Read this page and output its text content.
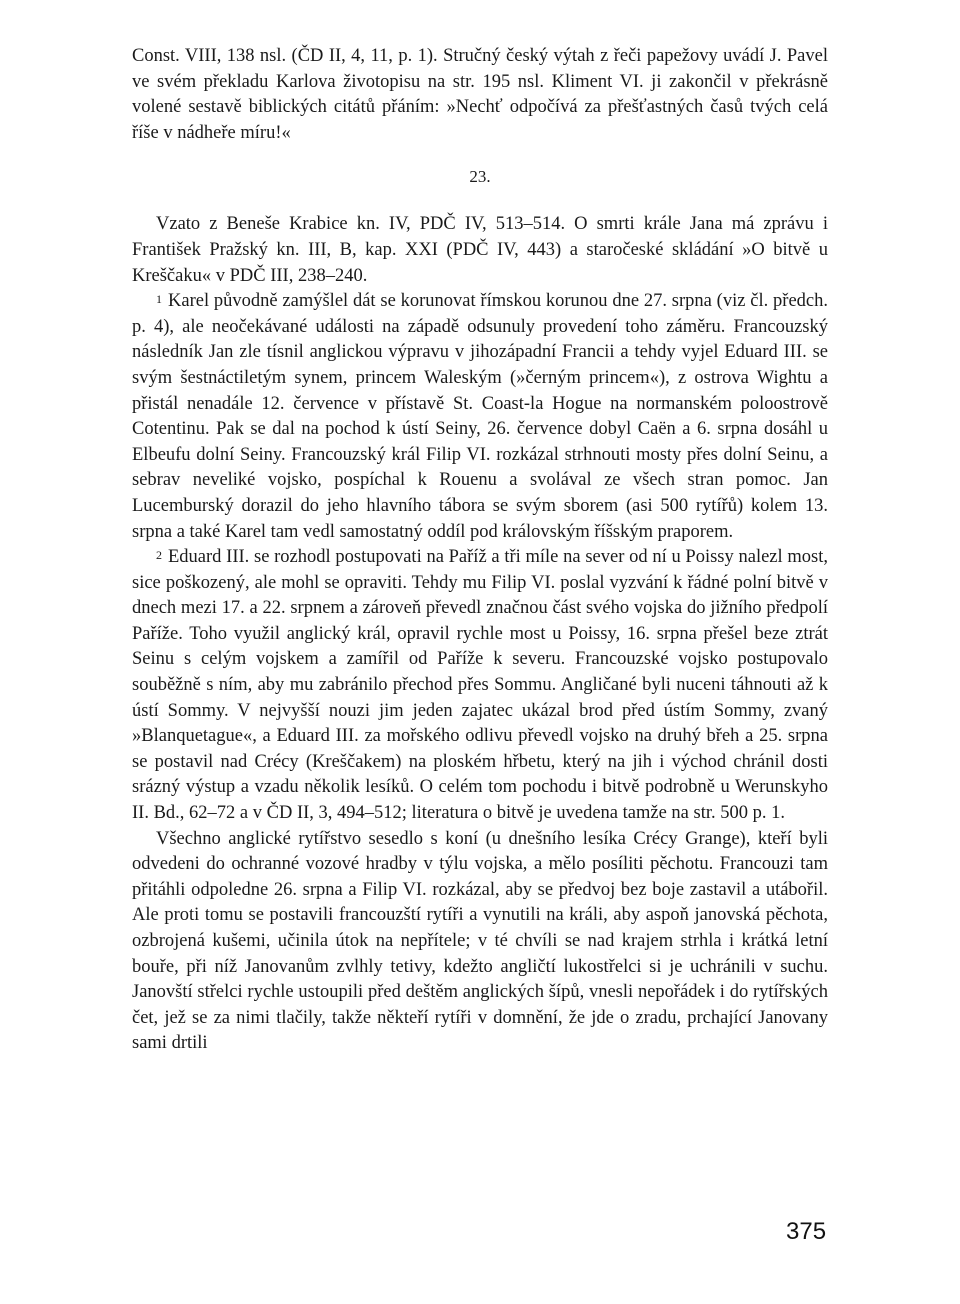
Const. VIII, 138 nsl. (ČD II, 4, 11, p. 1). Stručný český výtah z řeči papežovy uvádí J. Pavel ve svém překladu Karlova životopisu na str. 195 nsl. Kliment VI. ji zakončil v překrásně volené sestavě biblických citátů přáním: »Nechť odpočívá za přešťastných časů tvých celá říše v nádheře míru!«

23.

Vzato z Beneše Krabice kn. IV, PDČ IV, 513–514. O smrti krále Jana má zprávu i František Pražský kn. III, B, kap. XXI (PDČ IV, 443) a staročeské skládání »O bitvě u Kreščaku« v PDČ III, 238–240.

$^1$ Karel původně zamýšlel dát se korunovat římskou korunou dne 27. srpna (viz čl. předch. p. 4), ale neočekávané události na západě odsunuly provedení toho záměru. Francouzský následník Jan zle tísnil anglickou výpravu v jihozápadní Francii a tehdy vyjel Eduard III. se svým šestnáctiletým synem, princem Waleským (»černým princem«), z ostrova Wightu a přistál nenadále 12. července v přístavě St. Coast-la Hogue na normanském poloostrově Cotentinu. Pak se dal na pochod k ústí Seiny, 26. července dobyl Caën a 6. srpna dosáhl u Elbeufu dolní Seiny. Francouzský král Filip VI. rozkázal strhnouti mosty přes dolní Seinu, a sebrav neveliké vojsko, pospíchal k Rouenu a svolával ze všech stran pomoc. Jan Lucemburský dorazil do jeho hlavního tábora se svým sborem (asi 500 rytířů) kolem 13. srpna a také Karel tam vedl samostatný oddíl pod královským říšským praporem.

$^2$ Eduard III. se rozhodl postupovati na Paříž a tři míle na sever od ní u Poissy nalezl most, sice poškozený, ale mohl se opraviti. Tehdy mu Filip VI. poslal vyzvání k řádné polní bitvě v dnech mezi 17. a 22. srpnem a zároveň převedl značnou část svého vojska do jižního předpolí Paříže. Toho využil anglický král, opravil rychle most u Poissy, 16. srpna přešel beze ztrát Seinu s celým vojskem a zamířil od Paříže k severu. Francouzské vojsko postupovalo souběžně s ním, aby mu zabránilo přechod přes Sommu. Angličané byli nuceni táhnouti až k ústí Sommy. V nejvyšší nouzi jim jeden zajatec ukázal brod před ústím Sommy, zvaný »Blanquetague«, a Eduard III. za mořského odlivu převedl vojsko na druhý břeh a 25. srpna se postavil nad Crécy (Kreščakem) na ploském hřbetu, který na jih i východ chránil dosti srázný výstup a vzadu několik lesíků. O celém tom pochodu i bitvě podrobně u Werunskyho II. Bd., 62–72 a v ČD II, 3, 494–512; literatura o bitvě je uvedena tamže na str. 500 p. 1.

Všechno anglické rytířstvo sesedlo s koní (u dnešního lesíka Crécy Grange), kteří byli odvedeni do ochranné vozové hradby v týlu vojska, a mělo posíliti pěchotu. Francouzi tam přitáhli odpoledne 26. srpna a Filip VI. rozkázal, aby se předvoj bez boje zastavil a utábořil. Ale proti tomu se postavili francouzští rytíři a vynutili na králi, aby aspoň janovská pěchota, ozbrojená kušemi, učinila útok na nepřítele; v té chvíli se nad krajem strhla i krátká letní bouře, při níž Janovanům zvlhly tetivy, kdežto angličtí lukostřelci si je uchránili v suchu. Janovští střelci rychle ustoupili před deštěm anglických šípů, vnesli nepořádek i do rytířských čet, jež se za nimi tlačily, takže někteří rytíři v domnění, že jde o zradu, prchající Janovany sami drtili

375
